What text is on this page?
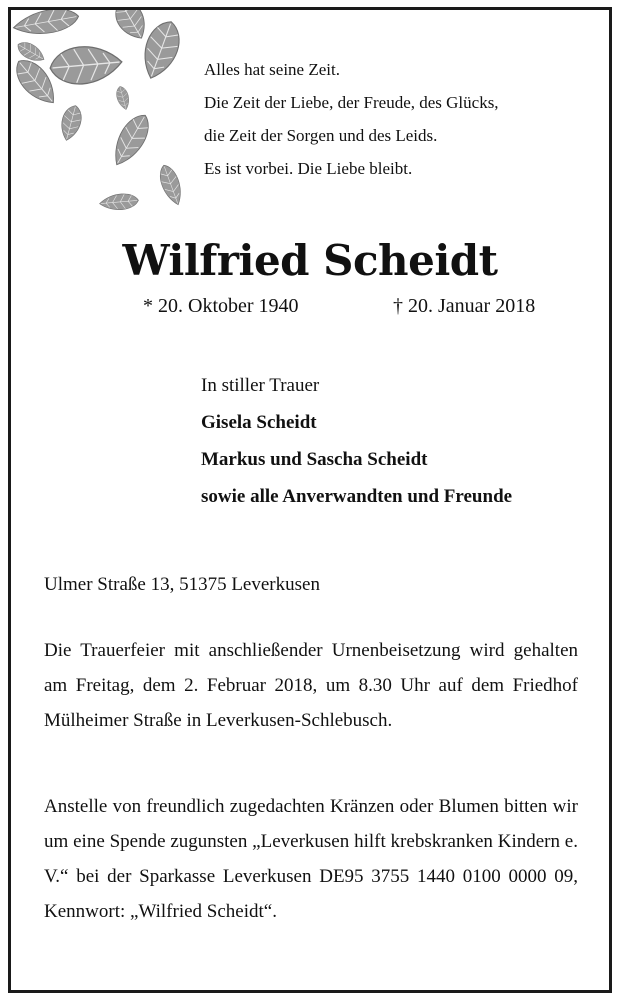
Alles hat seine Zeit.
Die Zeit der Liebe, der Freude, des Glücks,
die Zeit der Sorgen und des Leids.
Es ist vorbei. Die Liebe bleibt.
Wilfried Scheidt
* 20. Oktober 1940	† 20. Januar 2018
In stiller Trauer
Gisela Scheidt
Markus und Sascha Scheidt
sowie alle Anverwandten und Freunde
Ulmer Straße 13, 51375 Leverkusen
Die Trauerfeier mit anschließender Urnenbeisetzung wird gehalten am Freitag, dem 2. Februar 2018, um 8.30 Uhr auf dem Friedhof Mülheimer Straße in Leverkusen-Schlebusch.
Anstelle von freundlich zugedachten Kränzen oder Blumen bitten wir um eine Spende zugunsten „Leverkusen hilft krebskranken Kindern e. V.“ bei der Sparkasse Leverkusen DE95 3755 1440 0100 0000 09, Kennwort: „Wilfried Scheidt“.
